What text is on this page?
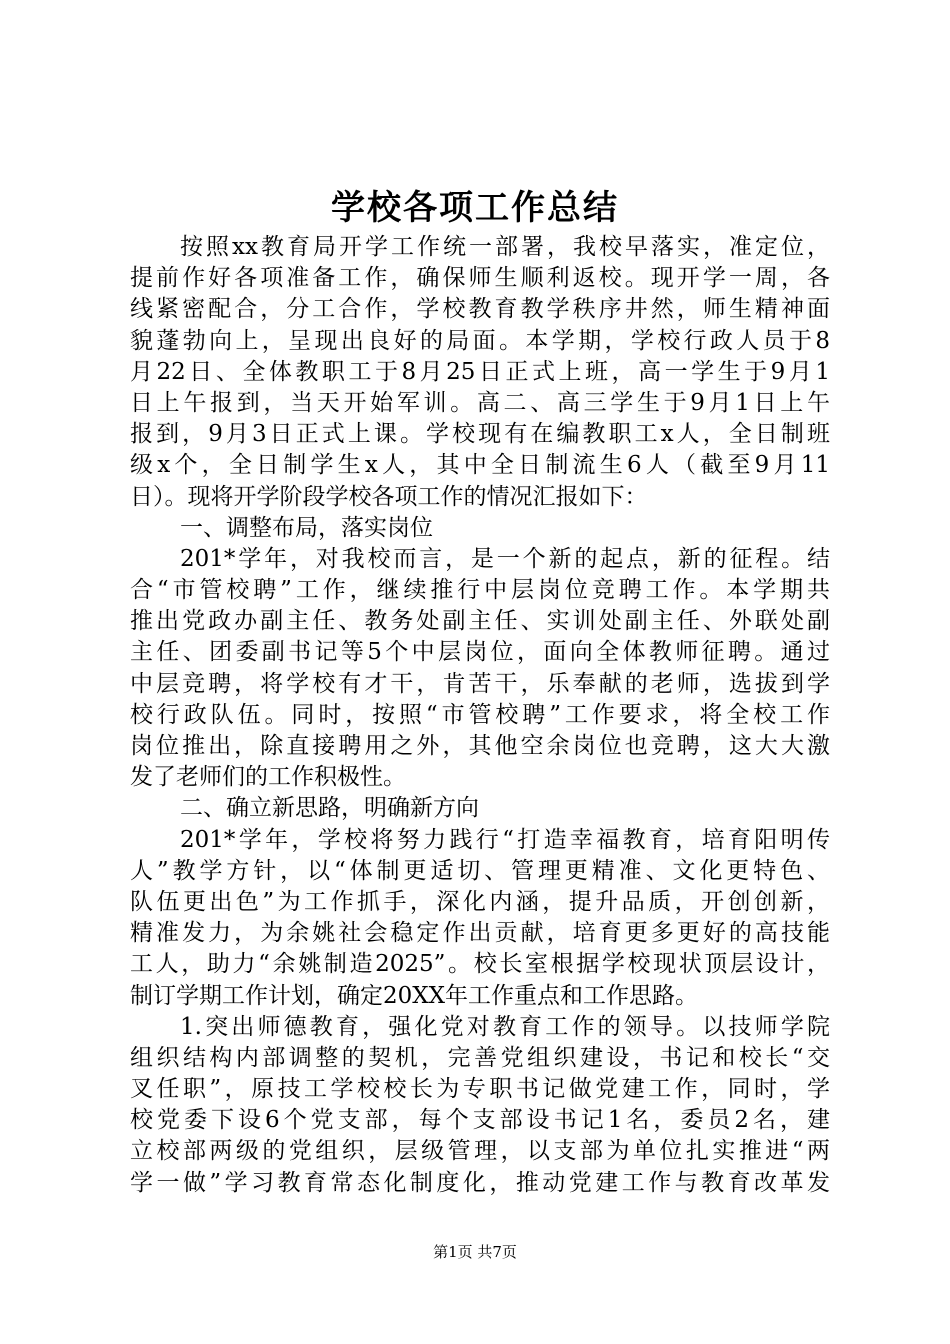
学校各项工作总结
按照xx教育局开学工作统一部署，我校早落实，准定位，
提前作好各项准备工作，确保师生顺利返校。现开学一周，各
线紧密配合，分工合作，学校教育教学秩序井然，师生精神面
貌蓬勃向上，呈现出良好的局面。本学期，学校行政人员于8
月22日、全体教职工于8月25日正式上班，高一学生于9月1
日上午报到，当天开始军训。高二、高三学生于9月1日上午
报到，9月3日正式上课。学校现有在编教职工x人，全日制班
级x个，全日制学生x人，其中全日制流生6人（截至9月11
日）。现将开学阶段学校各项工作的情况汇报如下：
一、调整布局，落实岗位
201*学年，对我校而言，是一个新的起点，新的征程。结
合“市管校聘”工作，继续推行中层岗位竞聘工作。本学期共
推出党政办副主任、教务处副主任、实训处副主任、外联处副
主任、团委副书记等5个中层岗位，面向全体教师征聘。通过
中层竞聘，将学校有才干，肯苦干，乐奉献的老师，选拔到学
校行政队伍。同时，按照“市管校聘”工作要求，将全校工作
岗位推出，除直接聘用之外，其他空余岗位也竞聘，这大大激
发了老师们的工作积极性。
二、确立新思路，明确新方向
201*学年，学校将努力践行“打造幸福教育，培育阳明传
人”教学方针，以“体制更适切、管理更精准、文化更特色、
队伍更出色”为工作抓手，深化内涵，提升品质，开创创新，
精准发力，为余姚社会稳定作出贡献，培育更多更好的高技能
工人，助力“余姚制造2025”。校长室根据学校现状顶层设计，
制订学期工作计划，确定20XX年工作重点和工作思路。
1.突出师德教育，强化党对教育工作的领导。以技师学院
组织结构内部调整的契机，完善党组织建设，书记和校长“交
叉任职”，原技工学校校长为专职书记做党建工作，同时，学
校党委下设6个党支部，每个支部设书记1名，委员2名，建
立校部两级的党组织，层级管理，以支部为单位扎实推进“两
学一做”学习教育常态化制度化，推动党建工作与教育改革发
第1页 共7页
